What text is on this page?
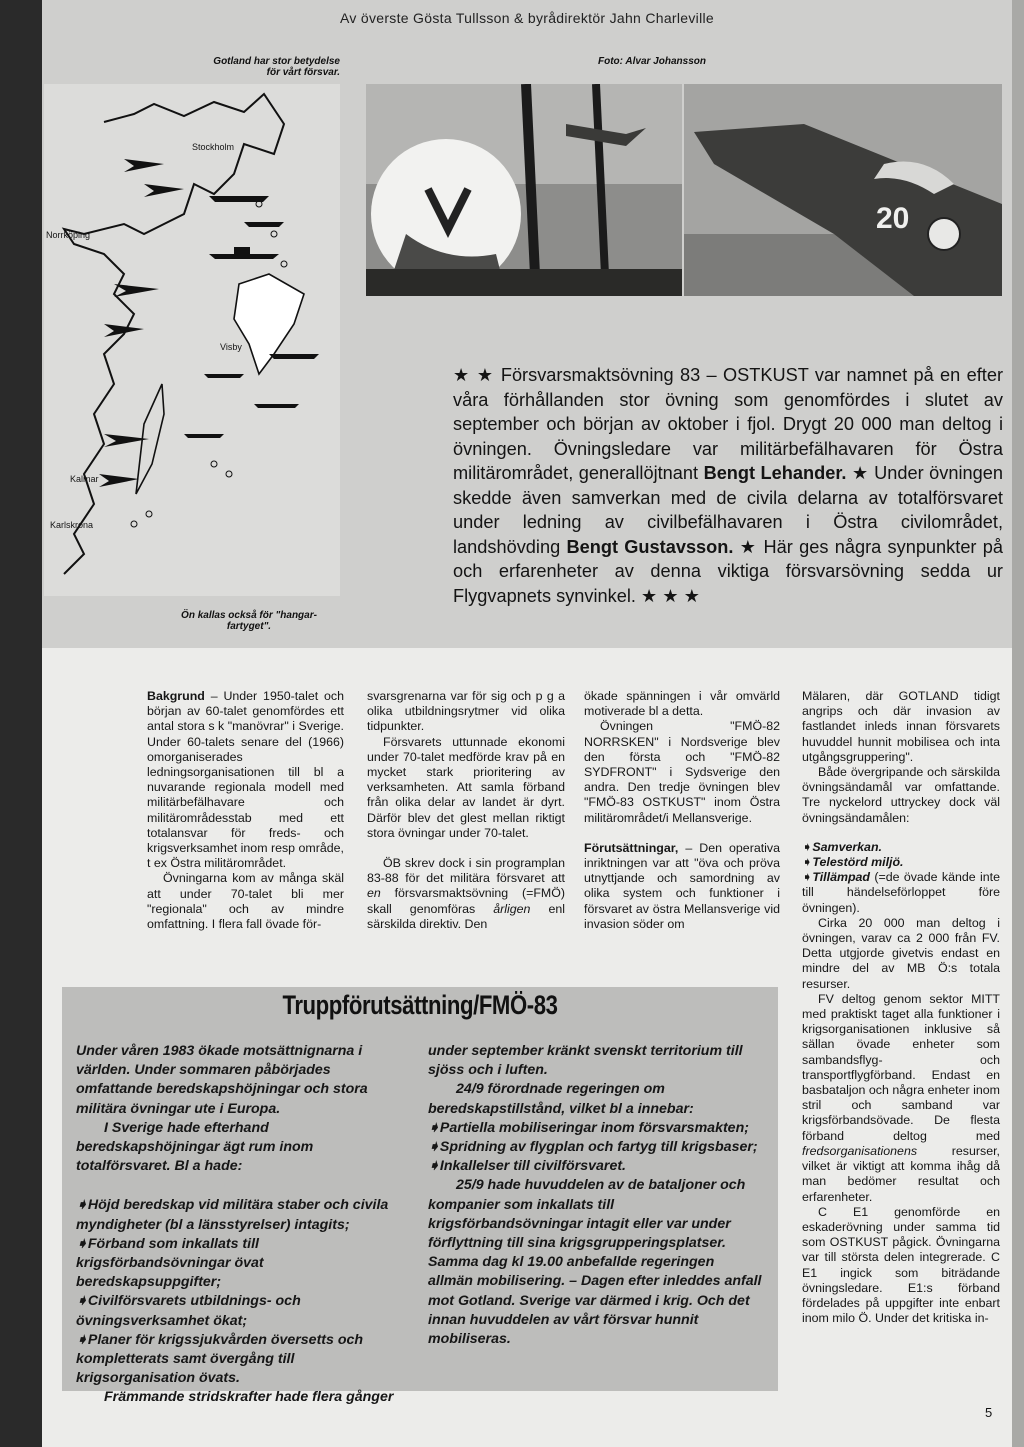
Av överste Gösta Tullsson & byrådirektör Jahn Charleville
Gotland har stor betydelse
för vårt försvar.
Stockholm
Norrköping
Visby
Kalmar
Karlskrona
Ön kallas också för "hangar-
fartyget".
Foto: Alvar Johansson
20
★ ★ Försvarsmaktsövning 83 – OSTKUST var namnet på en efter våra förhållanden stor övning som genomfördes i slutet av september och början av oktober i fjol. Drygt 20 000 man deltog i övningen. Övningsledare var militärbefälhavaren för Östra militärområdet, generallöjtnant Bengt Lehander. ★ Under övningen skedde även samverkan med de civila delarna av totalförsvaret under ledning av civilbefälhavaren i Östra civilområdet, landshövding Bengt Gustavsson. ★ Här ges några synpunkter på och erfarenheter av denna viktiga försvarsövning sedda ur Flygvapnets synvinkel. ★ ★ ★

Bakgrund – Under 1950-talet och början av 60-talet genomfördes ett antal stora s k "manövrar" i Sverige. Under 60-talets senare del (1966) omorganiserades ledningsorganisationen till bl a nuvarande regionala modell med militärbefälhavare och militärområdesstab med ett totalansvar för freds- och krigsverksamhet inom resp område, t ex Östra militärområdet.

Övningarna kom av många skäl att under 70-talet bli mer "regionala" och av mindre omfattning. I flera fall övade för-

svarsgrenarna var för sig och p g a olika utbildningsrytmer vid olika tidpunkter.

Försvarets uttunnade ekonomi under 70-talet medförde krav på en mycket stark prioritering av verksamheten. Att samla förband från olika delar av landet är dyrt. Därför blev det glest mellan riktigt stora övningar under 70-talet.

ÖB skrev dock i sin programplan 83-88 för det militära försvaret att en försvarsmaktsövning (=FMÖ) skall genomföras årligen enl särskilda direktiv. Den

ökade spänningen i vår omvärld motiverade bl a detta.

Övningen "FMÖ-82 NORRSKEN" i Nordsverige blev den första och "FMÖ-82 SYDFRONT" i Sydsverige den andra. Den tredje övningen blev "FMÖ-83 OSTKUST" inom Östra militärområdet/i Mellansverige.

Förutsättningar, – Den operativa inriktningen var att "öva och pröva utnyttjande och samordning av olika system och funktioner i försvaret av östra Mellansverige vid invasion söder om

Mälaren, där GOTLAND tidigt angrips och där invasion av fastlandet inleds innan försvarets huvuddel hunnit mobilisea och inta utgångsgruppering".

Både övergripande och särskilda övningsändamål var omfattande. Tre nyckelord uttryckey dock väl övningsändamålen:

➧Samverkan.

➧Telestörd miljö.

➧Tillämpad (=de övade kände inte till händelseförloppet före övningen).

Cirka 20 000 man deltog i övningen, varav ca 2 000 från FV. Detta utgjorde givetvis endast en mindre del av MB Ö:s totala resurser.

FV deltog genom sektor MITT med praktiskt taget alla funktioner i krigsorganisationen inklusive så sällan övade enheter som sambandsflyg- och transportflygförband. Endast en basbataljon och några enheter inom stril och samband var krigsförbandsövade. De flesta förband deltog med fredsorganisationens resurser, vilket är viktigt att komma ihåg då man bedömer resultat och erfarenheter.

C E1 genomförde en eskaderövning under samma tid som OSTKUST pågick. Övningarna var till största delen integrerade. C E1 ingick som biträdande övningsledare. E1:s förband fördelades på uppgifter inte enbart inom milo Ö. Under det kritiska in-

Truppförutsättning/FMÖ-83

Under våren 1983 ökade motsättnignarna i världen. Under sommaren påbörjades omfattande beredskapshöjningar och stora militära övningar ute i Europa.

I Sverige hade efterhand beredskapshöjningar ägt rum inom totalförsvaret. Bl a hade:

➧Höjd beredskap vid militära staber och civila myndigheter (bl a länsstyrelser) intagits;

➧Förband som inkallats till krigsförbandsövningar övat beredskapsuppgifter;

➧Civilförsvarets utbildnings- och övningsverksamhet ökat;

➧Planer för krigssjukvården översetts och kompletterats samt övergång till krigsorganisation övats.

Främmande stridskrafter hade flera gånger

under september kränkt svenskt territorium till sjöss och i luften.

24/9 förordnade regeringen om beredskapstillstånd, vilket bl a innebar:

➧Partiella mobiliseringar inom försvarsmakten;

➧Spridning av flygplan och fartyg till krigsbaser;

➧Inkallelser till civilförsvaret.

25/9 hade huvuddelen av de bataljoner och kompanier som inkallats till krigsförbandsövningar intagit eller var under förflyttning till sina krigsgrupperingsplatser. Samma dag kl 19.00 anbefallde regeringen allmän mobilisering. – Dagen efter inleddes anfall mot Gotland. Sverige var därmed i krig. Och det innan huvuddelen av vårt försvar hunnit mobiliseras.

5
